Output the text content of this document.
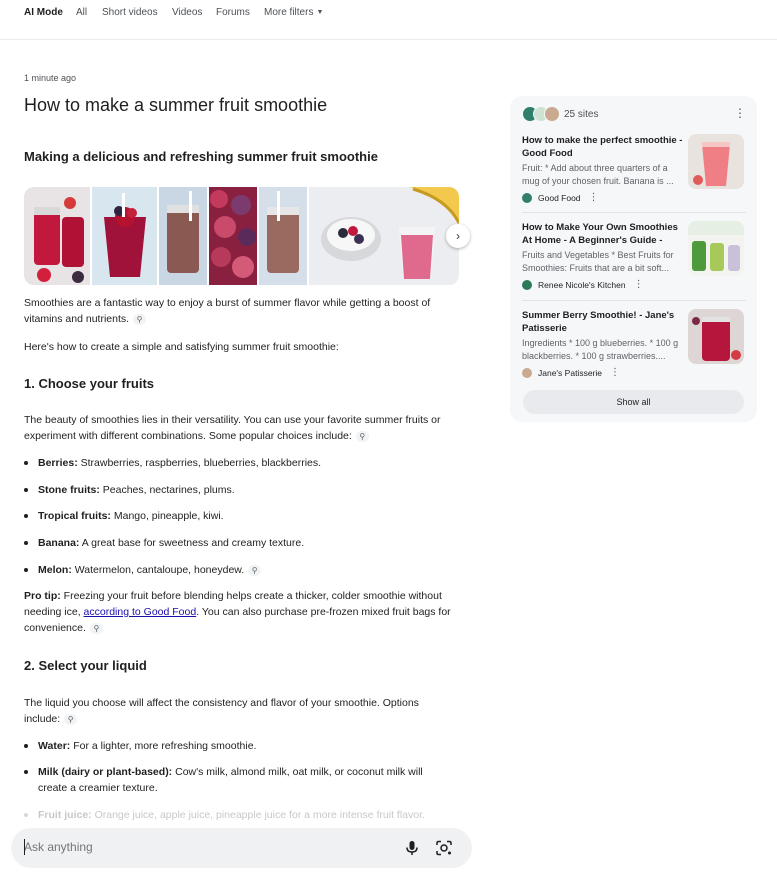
AI Mode All Short videos Videos Forums More filters ▼
1 minute ago
How to make a summer fruit smoothie
Making a delicious and refreshing summer fruit smoothie
›

Smoothies are a fantastic way to enjoy a burst of summer flavor while getting a boost of vitamins and nutrients. ⚲

Here's how to create a simple and satisfying summer fruit smoothie:

1. Choose your fruits

The beauty of smoothies lies in their versatility. You can use your favorite summer fruits or experiment with different combinations. Some popular choices include: ⚲

Berries: Strawberries, raspberries, blueberries, blackberries.
Stone fruits: Peaches, nectarines, plums.
Tropical fruits: Mango, pineapple, kiwi.
Banana: A great base for sweetness and creamy texture.
Melon: Watermelon, cantaloupe, honeydew. ⚲

Pro tip: Freezing your fruit before blending helps create a thicker, colder smoothie without needing ice, according to Good Food. You can also purchase pre-frozen mixed fruit bags for convenience. ⚲

2. Select your liquid

The liquid you choose will affect the consistency and flavor of your smoothie. Options include: ⚲

Water: For a lighter, more refreshing smoothie.
Milk (dairy or plant-based): Cow's milk, almond milk, oat milk, or coconut milk will create a creamier texture.
Fruit juice: Orange juice, apple juice, pineapple juice for a more intense fruit flavor.
Ask anything
25 sites	⋮
How to make the perfect smoothie - Good Food
Fruit: * Add about three quarters of a mug of your chosen fruit. Banana is ...
Good Food ⋮
How to Make Your Own Smoothies At Home - A Beginner's Guide -
Fruits and Vegetables * Best Fruits for Smoothies: Fruits that are a bit soft...
Renee Nicole's Kitchen ⋮
Summer Berry Smoothie! - Jane's Patisserie
Ingredients * 100 g blueberries. * 100 g blackberries. * 100 g strawberries....
Jane's Patisserie ⋮
Show all
